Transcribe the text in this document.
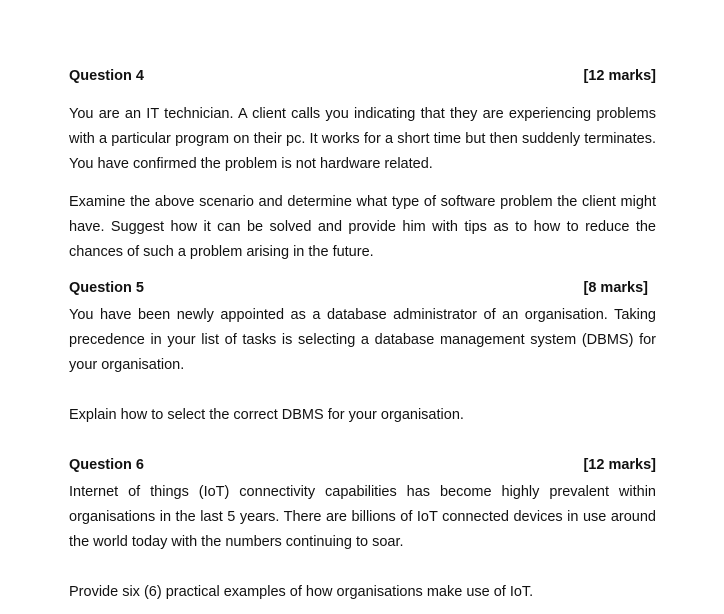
Question 4	[12 marks]
You are an IT technician. A client calls you indicating that they are experiencing problems with a particular program on their pc. It works for a short time but then suddenly terminates. You have confirmed the problem is not hardware related.
Examine the above scenario and determine what type of software problem the client might have. Suggest how it can be solved and provide him with tips as to how to reduce the chances of such a problem arising in the future.
Question 5	[8 marks]
You have been newly appointed as a database administrator of an organisation. Taking precedence in your list of tasks is selecting a database management system (DBMS) for your organisation.
Explain how to select the correct DBMS for your organisation.
Question 6	[12 marks]
Internet of things (IoT) connectivity capabilities has become highly prevalent within organisations in the last 5 years. There are billions of IoT connected devices in use around the world today with the numbers continuing to soar.
Provide six (6) practical examples of how organisations make use of IoT.
